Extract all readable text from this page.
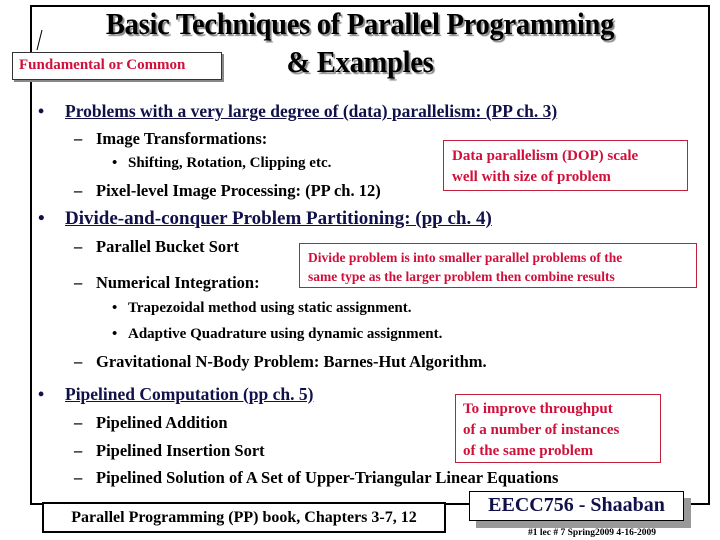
Basic Techniques of Parallel Programming
& Examples
Fundamental or Common
• Problems with a very large degree of (data) parallelism: (PP ch. 3)
– Image Transformations:
• Shifting, Rotation, Clipping etc.
– Pixel-level Image Processing: (PP ch. 12)
• Divide-and-conquer Problem Partitioning: (pp ch. 4)
– Parallel Bucket Sort
– Numerical Integration:
• Trapezoidal method using static assignment.
• Adaptive Quadrature using dynamic assignment.
– Gravitational N-Body Problem: Barnes-Hut Algorithm.
• Pipelined Computation (pp ch. 5)
– Pipelined Addition
– Pipelined Insertion Sort
– Pipelined Solution of A Set of Upper-Triangular Linear Equations
Data parallelism (DOP) scale
well with size of problem
Divide problem is into smaller parallel problems of the
same type as the larger problem then combine results
To improve throughput
of a number of instances
of the same problem
Parallel Programming (PP) book, Chapters 3-7, 12
EECC756 - Shaaban
#1 lec # 7 Spring2009 4-16-2009
